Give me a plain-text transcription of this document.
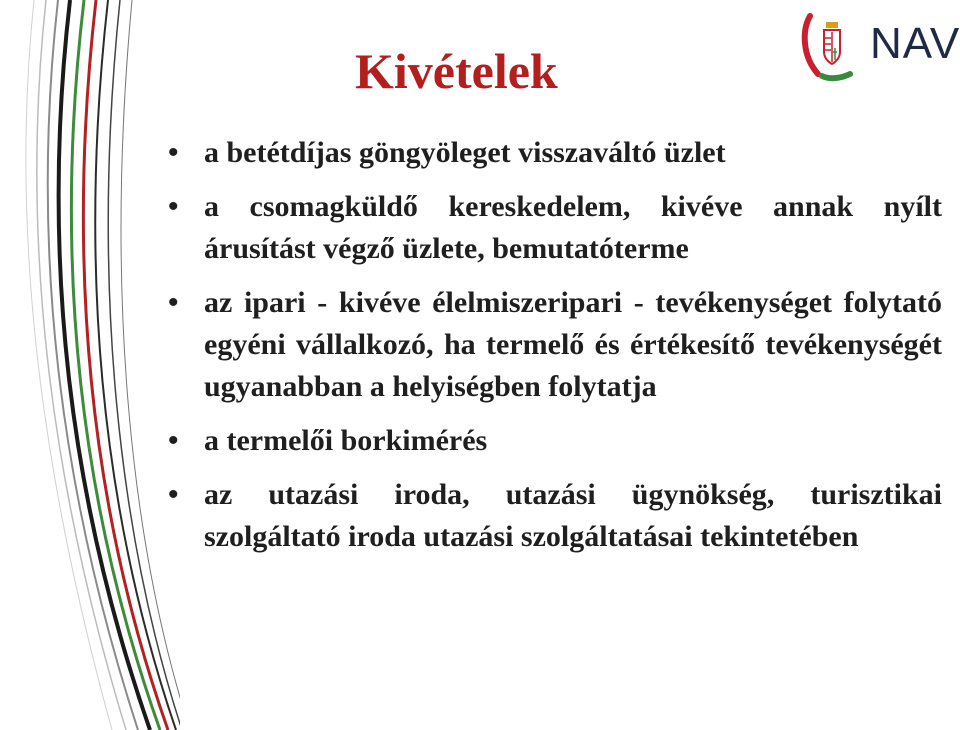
NAV
Kivételek
• a betétdíjas göngyöleget visszaváltó üzlet
• a csomagküldő kereskedelem, kivéve annak nyílt árusítást végző üzlete, bemutatóterme
• az ipari - kivéve élelmiszeripari - tevékenységet folytató egyéni vállalkozó, ha termelő és értékesítő tevékenységét ugyanabban a helyiségben folytatja
• a termelői borkimérés
• az utazási iroda, utazási ügynökség, turisztikai szolgáltató iroda utazási szolgáltatásai tekintetében
